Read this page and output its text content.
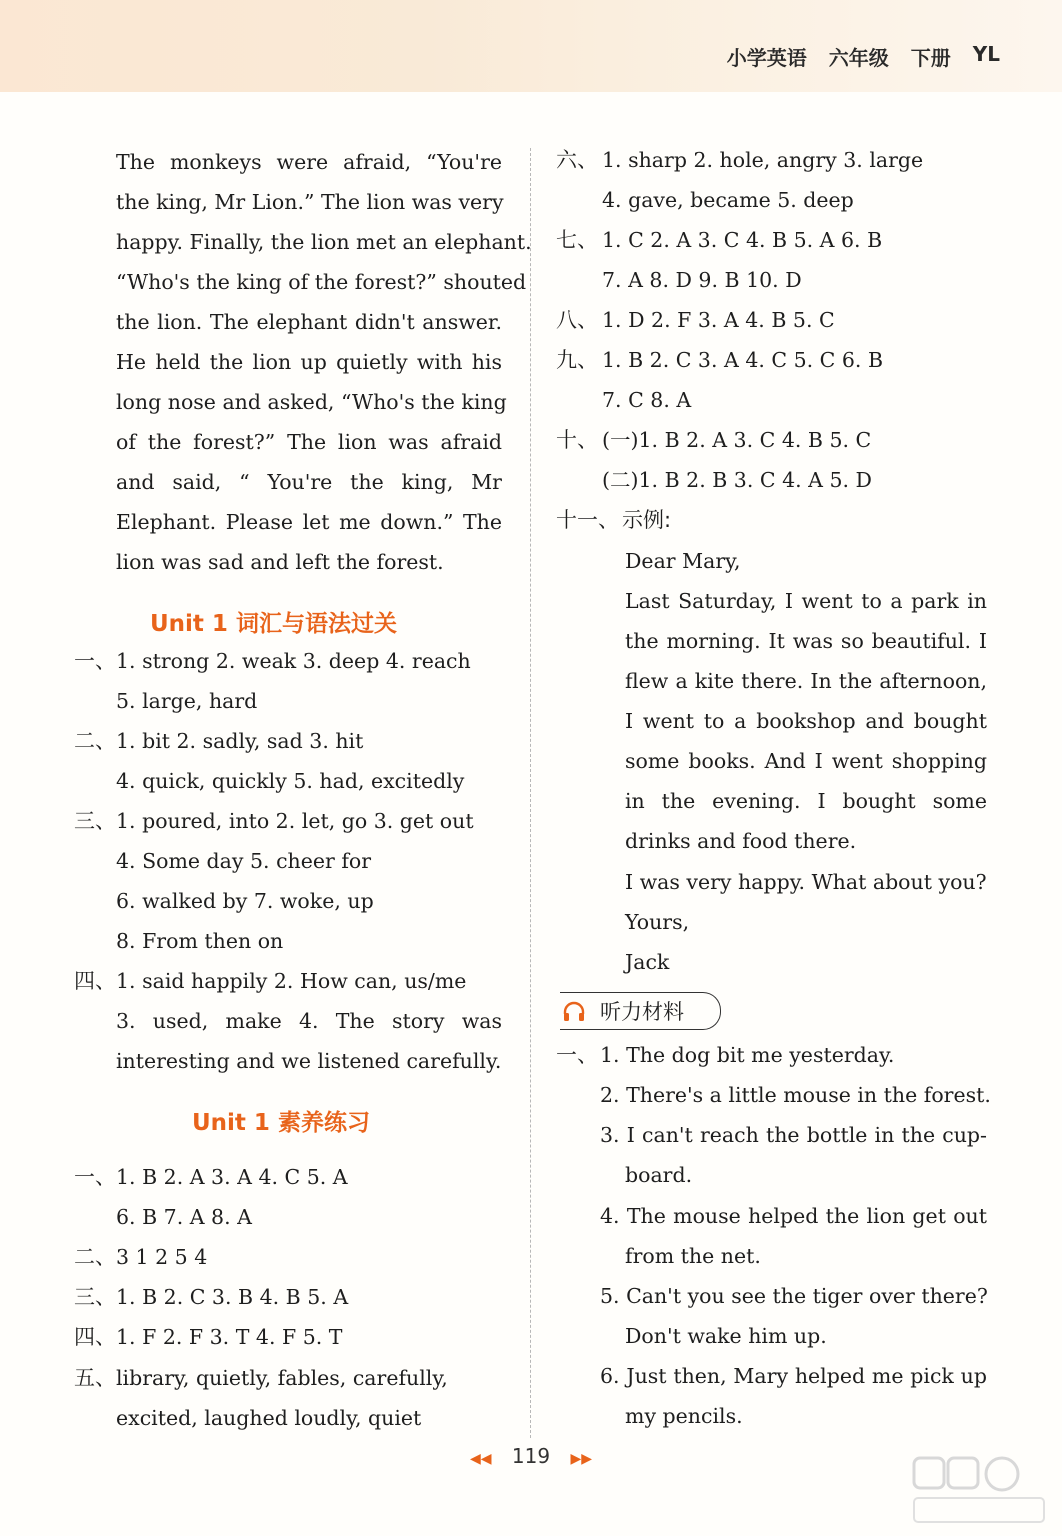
小学英语 六年级 下册 YL
The monkeys were afraid, “You're
the king, Mr Lion.” The lion was very
happy. Finally, the lion met an elephant.
“Who's the king of the forest?” shouted
the lion. The elephant didn't answer.
He held the lion up quietly with his
long nose and asked, “Who's the king
of the forest?” The lion was afraid
and said, “ You're the king, Mr
Elephant. Please let me down.” The
lion was sad and left the forest.
Unit 1 词汇与语法过关
一、 1. strong 2. weak 3. deep 4. reach
5. large, hard
二、 1. bit 2. sadly, sad 3. hit
4. quick, quickly 5. had, excitedly
三、 1. poured, into 2. let, go 3. get out
4. Some day 5. cheer for
6. walked by 7. woke, up
8. From then on
四、 1. said happily 2. How can, us/me
3. used, make 4. The story was
interesting and we listened carefully.
Unit 1 素养练习
一、 1. B 2. A 3. A 4. C 5. A
6. B 7. A 8. A
二、 3 1 2 5 4
三、 1. B 2. C 3. B 4. B 5. A
四、 1. F 2. F 3. T 4. F 5. T
五、 library, quietly, fables, carefully,
excited, laughed loudly, quiet
六、 1. sharp 2. hole, angry 3. large
4. gave, became 5. deep
七、 1. C 2. A 3. C 4. B 5. A 6. B
7. A 8. D 9. B 10. D
八、 1. D 2. F 3. A 4. B 5. C
九、 1. B 2. C 3. A 4. C 5. C 6. B
7. C 8. A
十、 (一)1. B 2. A 3. C 4. B 5. C
(二)1. B 2. B 3. C 4. A 5. D
十一、 示例:
Dear Mary,
Last Saturday, I went to a park in
the morning. It was so beautiful. I
flew a kite there. In the afternoon,
I went to a bookshop and bought
some books. And I went shopping
in the evening. I bought some
drinks and food there.
I was very happy. What about you?
Yours,
Jack
听力材料
一、 1. The dog bit me yesterday.
2. There's a little mouse in the forest.
3. I can't reach the bottle in the cup-
board.
4. The mouse helped the lion get out
from the net.
5. Can't you see the tiger over there?
Don't wake him up.
6. Just then, Mary helped me pick up
my pencils.
◀◀ 119 ▶▶
